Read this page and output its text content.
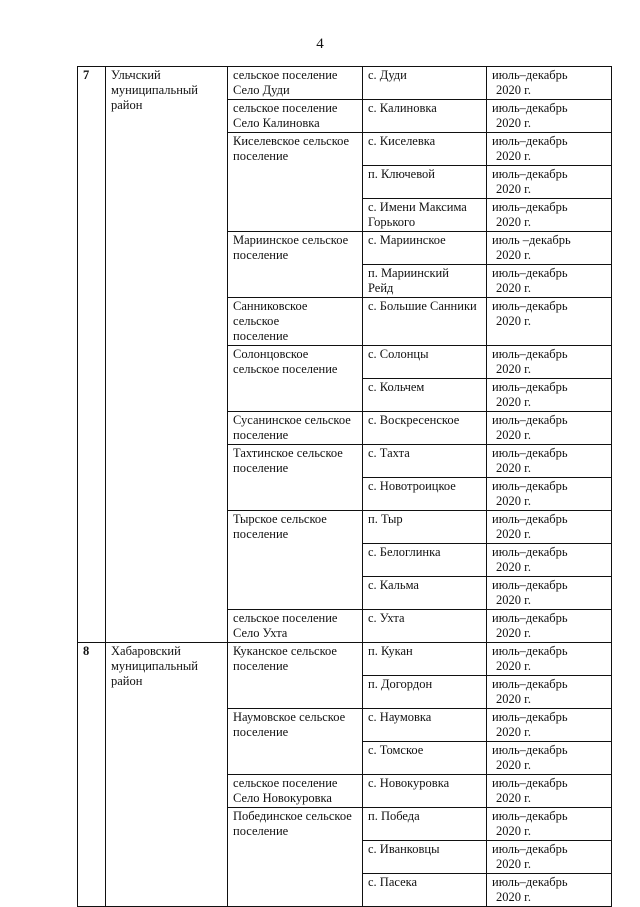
4
7	Ульчский
муниципальный
район	сельское поселение
Село Дуди	с. Дуди	июль–декабрь
2020 г.

		сельское поселение
Село Калиновка	с. Калиновка	июль–декабрь
2020 г.

		Киселевское сельское
поселение	с. Киселевка	июль–декабрь
2020 г.

			п. Ключевой	июль–декабрь
2020 г.

			с. Имени Максима
Горького	июль–декабрь
2020 г.

		Мариинское сельское
поселение	с. Мариинское	июль –декабрь
2020 г.

			п. Мариинский
Рейд	июль–декабрь
2020 г.

		Санниковское
сельское
поселение	с. Большие Санники	июль–декабрь
2020 г.

		Солонцовское
сельское поселение	с. Солонцы	июль–декабрь
2020 г.

			с. Кольчем	июль–декабрь
2020 г.

		Сусанинское сельское
поселение	с. Воскресенское	июль–декабрь
2020 г.

		Тахтинское сельское
поселение	с. Тахта	июль–декабрь
2020 г.

			с. Новотроицкое	июль–декабрь
2020 г.

		Тырское сельское
поселение	п. Тыр	июль–декабрь
2020 г.

			с. Белоглинка	июль–декабрь
2020 г.

			с. Кальма	июль–декабрь
2020 г.

		сельское поселение
Село Ухта	с. Ухта	июль–декабрь
2020 г.

8	Хабаровский
муниципальный
район	Куканское сельское
поселение	п. Кукан	июль–декабрь
2020 г.

			п. Догордон	июль–декабрь
2020 г.

		Наумовское сельское
поселение	с. Наумовка	июль–декабрь
2020 г.

			с. Томское	июль–декабрь
2020 г.

		сельское поселение
Село Новокуровка	с. Новокуровка	июль–декабрь
2020 г.

		Побединское сельское
поселение	п. Победа	июль–декабрь
2020 г.

			с. Иванковцы	июль–декабрь
2020 г.

			с. Пасека	июль–декабрь
2020 г.
